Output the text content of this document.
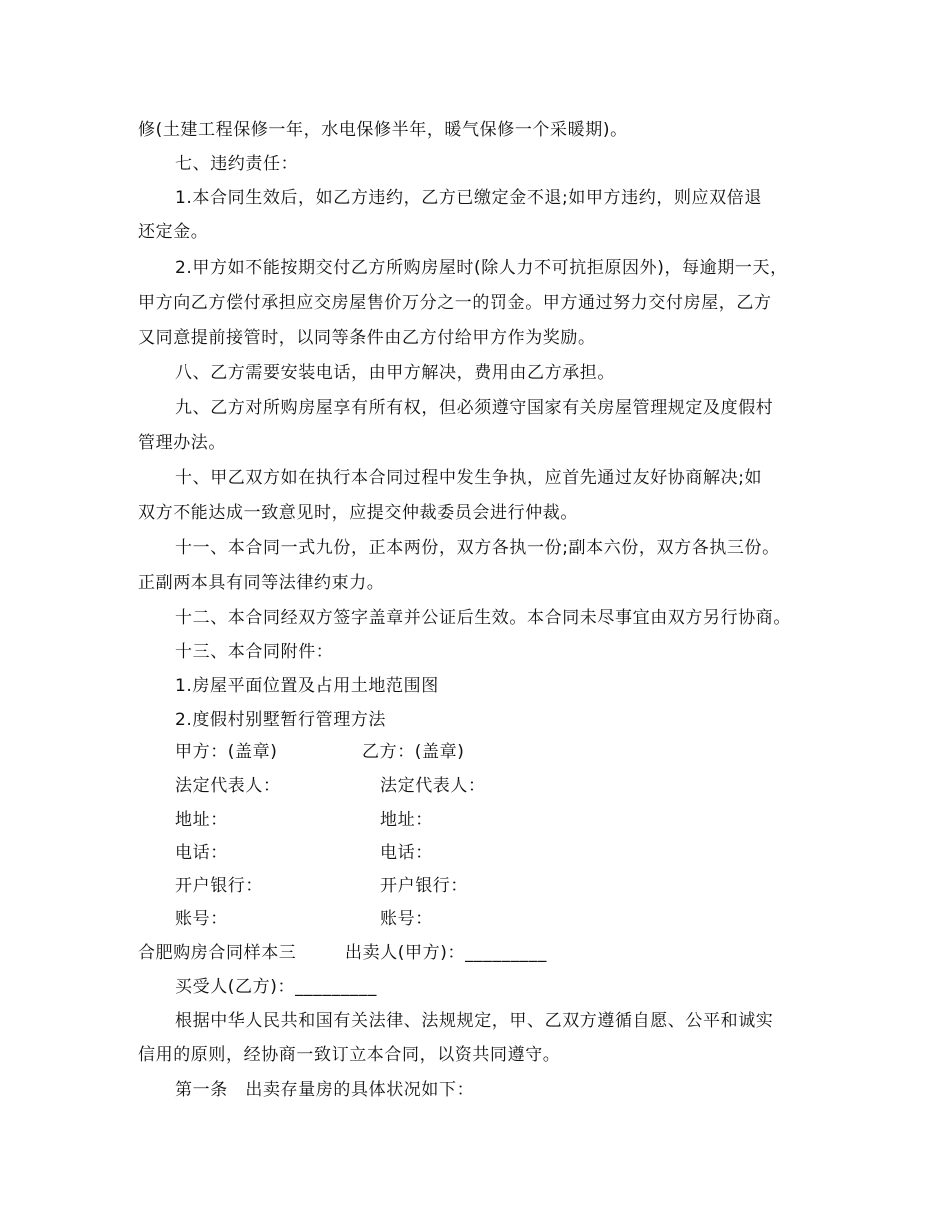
修(土建工程保修一年，水电保修半年，暖气保修一个采暖期)。
七、违约责任：
1.本合同生效后，如乙方违约，乙方已缴定金不退;如甲方违约，则应双倍退
还定金。
2.甲方如不能按期交付乙方所购房屋时(除人力不可抗拒原因外)，每逾期一天，
甲方向乙方偿付承担应交房屋售价万分之一的罚金。甲方通过努力交付房屋，乙方
又同意提前接管时，以同等条件由乙方付给甲方作为奖励。
八、乙方需要安装电话，由甲方解决，费用由乙方承担。
九、乙方对所购房屋享有所有权，但必须遵守国家有关房屋管理规定及度假村
管理办法。
十、甲乙双方如在执行本合同过程中发生争执，应首先通过友好协商解决;如
双方不能达成一致意见时，应提交仲裁委员会进行仲裁。
十一、本合同一式九份，正本两份，双方各执一份;副本六份，双方各执三份。
正副两本具有同等法律约束力。
十二、本合同经双方签字盖章并公证后生效。本合同未尽事宜由双方另行协商。
十三、本合同附件：
1.房屋平面位置及占用土地范围图
2.度假村别墅暂行管理方法
甲方：(盖章)	乙方：(盖章)
法定代表人：	法定代表人：
地址：	地址：
电话：	电话：
开户银行：	开户银行：
账号：	账号：
合肥购房合同样本三	出卖人(甲方)：_________
买受人(乙方)：_________
根据中华人民共和国有关法律、法规规定，甲、乙双方遵循自愿、公平和诚实
信用的原则，经协商一致订立本合同，以资共同遵守。
第一条　出卖存量房的具体状况如下：
